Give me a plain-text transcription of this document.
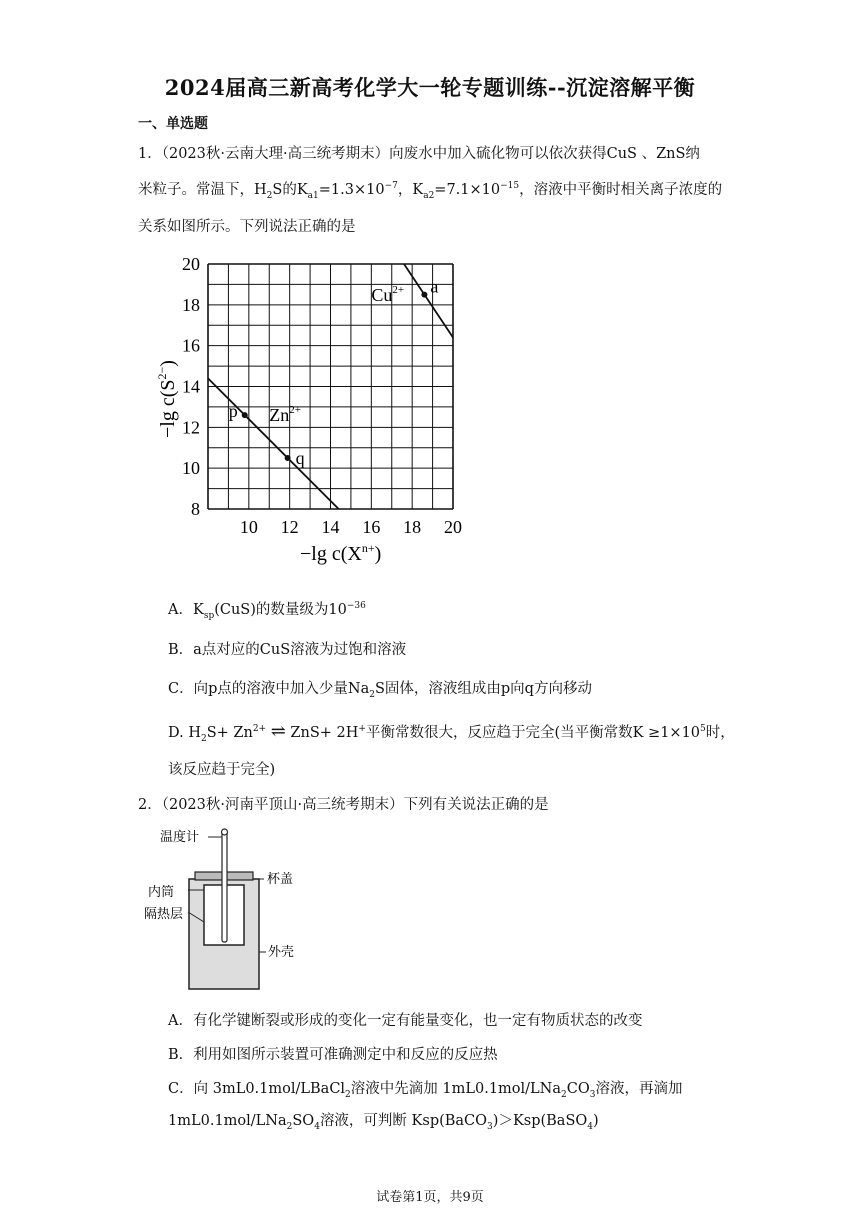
2024届高三新高考化学大一轮专题训练--沉淀溶解平衡
一、单选题
1．（2023秋·云南大理·高三统考期末）向废水中加入硫化物可以依次获得CuS 、ZnS纳
米粒子。常温下，$H_2S$的$K_{a1}=1.3\times 10^{-7}$，$K_{a2}=7.1\times 10^{-15}$，溶液中平衡时相关离子浓度的
关系如图所示。下列说法正确的是
10 12 14 16 18 20
8
10
12
14
16
18
20
$Cu^{2+}$
$Zn^{2+}$
a
p
q
−lg $c(X^{n+})$
−lg $c(S^{2-})$
A．$K_{sp}(CuS)$的数量级为$10^{-36}$
B．a点对应的CuS溶液为过饱和溶液
C．向p点的溶液中加入少量$Na_2S$固体，溶液组成由p向q方向移动
D. $H_2S+ Zn^{2+}$ ⇌ ZnS+ 2H+平衡常数很大，反应趋于完全(当平衡常数$K \ge 1\times 10^5$时，
该反应趋于完全)
2．（2023秋·河南平顶山·高三统考期末）下列有关说法正确的是
温度计
杯盖
内筒
隔热层
外壳
A．有化学键断裂或形成的变化一定有能量变化，也一定有物质状态的改变
B．利用如图所示装置可准确测定中和反应的反应热
C．向 3mL0.1mol/LBaCl$_2$溶液中先滴加 $1mL0.1mol/LNa_2CO_3$溶液，再滴加
$1mL0.1mol/LNa_2SO_4$溶液，可判断 Ksp(BaCO$_3$)＞Ksp(BaSO$_4$)
试卷第1页，共9页
